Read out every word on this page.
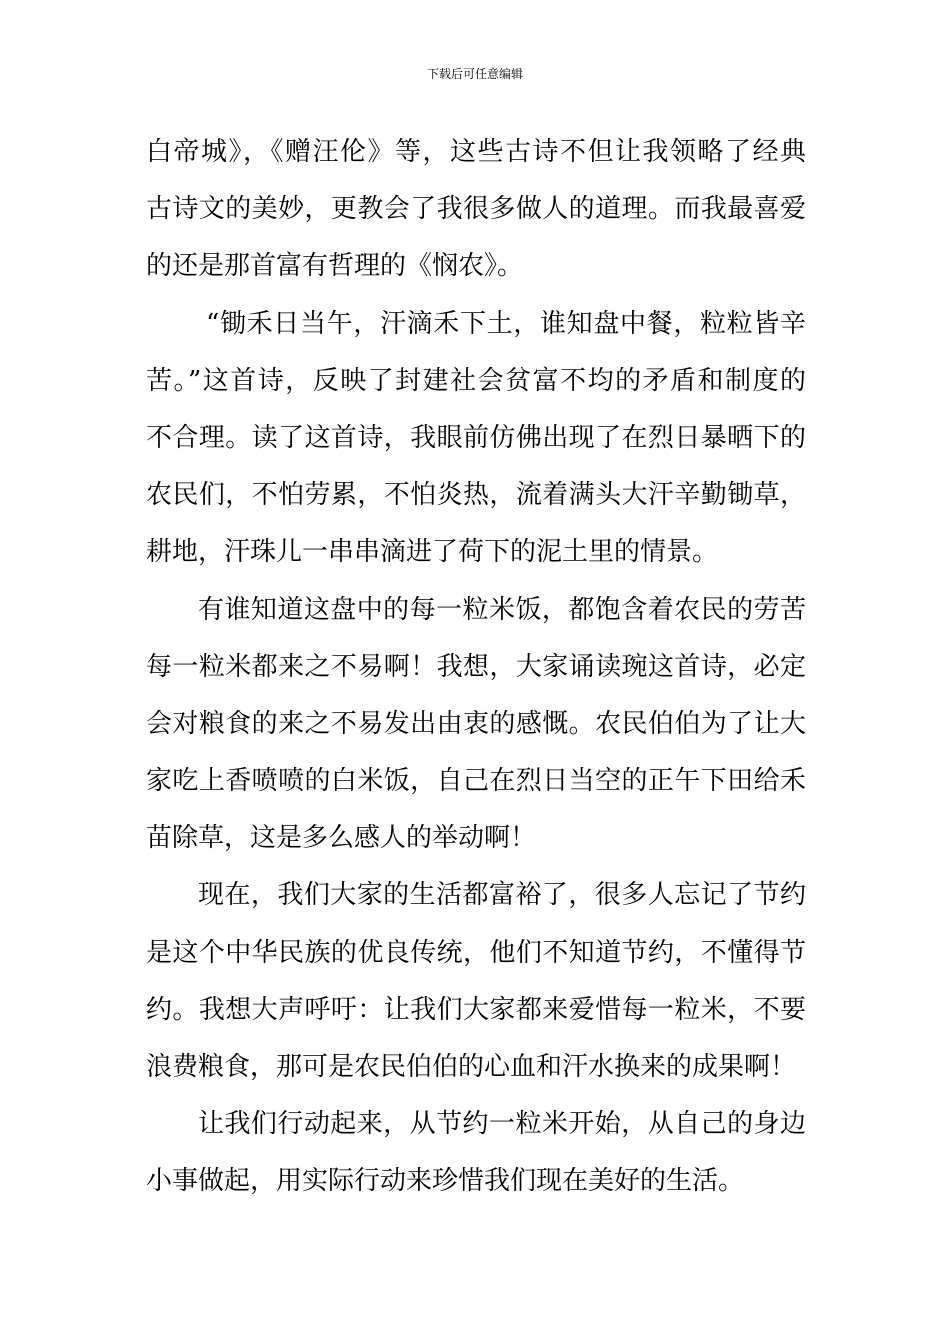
下载后可任意编辑
白帝城》，《赠汪伦》等，这些古诗不但让我领略了经典
古诗文的美妙，更教会了我很多做人的道理。而我最喜爱
的还是那首富有哲理的《悯农》。
“锄禾日当午，汗滴禾下土，谁知盘中餐，粒粒皆辛
苦。”这首诗，反映了封建社会贫富不均的矛盾和制度的
不合理。读了这首诗，我眼前仿佛出现了在烈日暴晒下的
农民们，不怕劳累，不怕炎热，流着满头大汗辛勤锄草，
耕地，汗珠儿一串串滴进了荷下的泥土里的情景。
有谁知道这盘中的每一粒米饭，都饱含着农民的劳苦
每一粒米都来之不易啊！我想，大家诵读琬这首诗，必定
会对粮食的来之不易发出由衷的感慨。农民伯伯为了让大
家吃上香喷喷的白米饭，自己在烈日当空的正午下田给禾
苗除草，这是多么感人的举动啊！
现在，我们大家的生活都富裕了，很多人忘记了节约
是这个中华民族的优良传统，他们不知道节约，不懂得节
约。我想大声呼吁：让我们大家都来爱惜每一粒米，不要
浪费粮食，那可是农民伯伯的心血和汗水换来的成果啊！
让我们行动起来，从节约一粒米开始，从自己的身边
小事做起，用实际行动来珍惜我们现在美好的生活。
